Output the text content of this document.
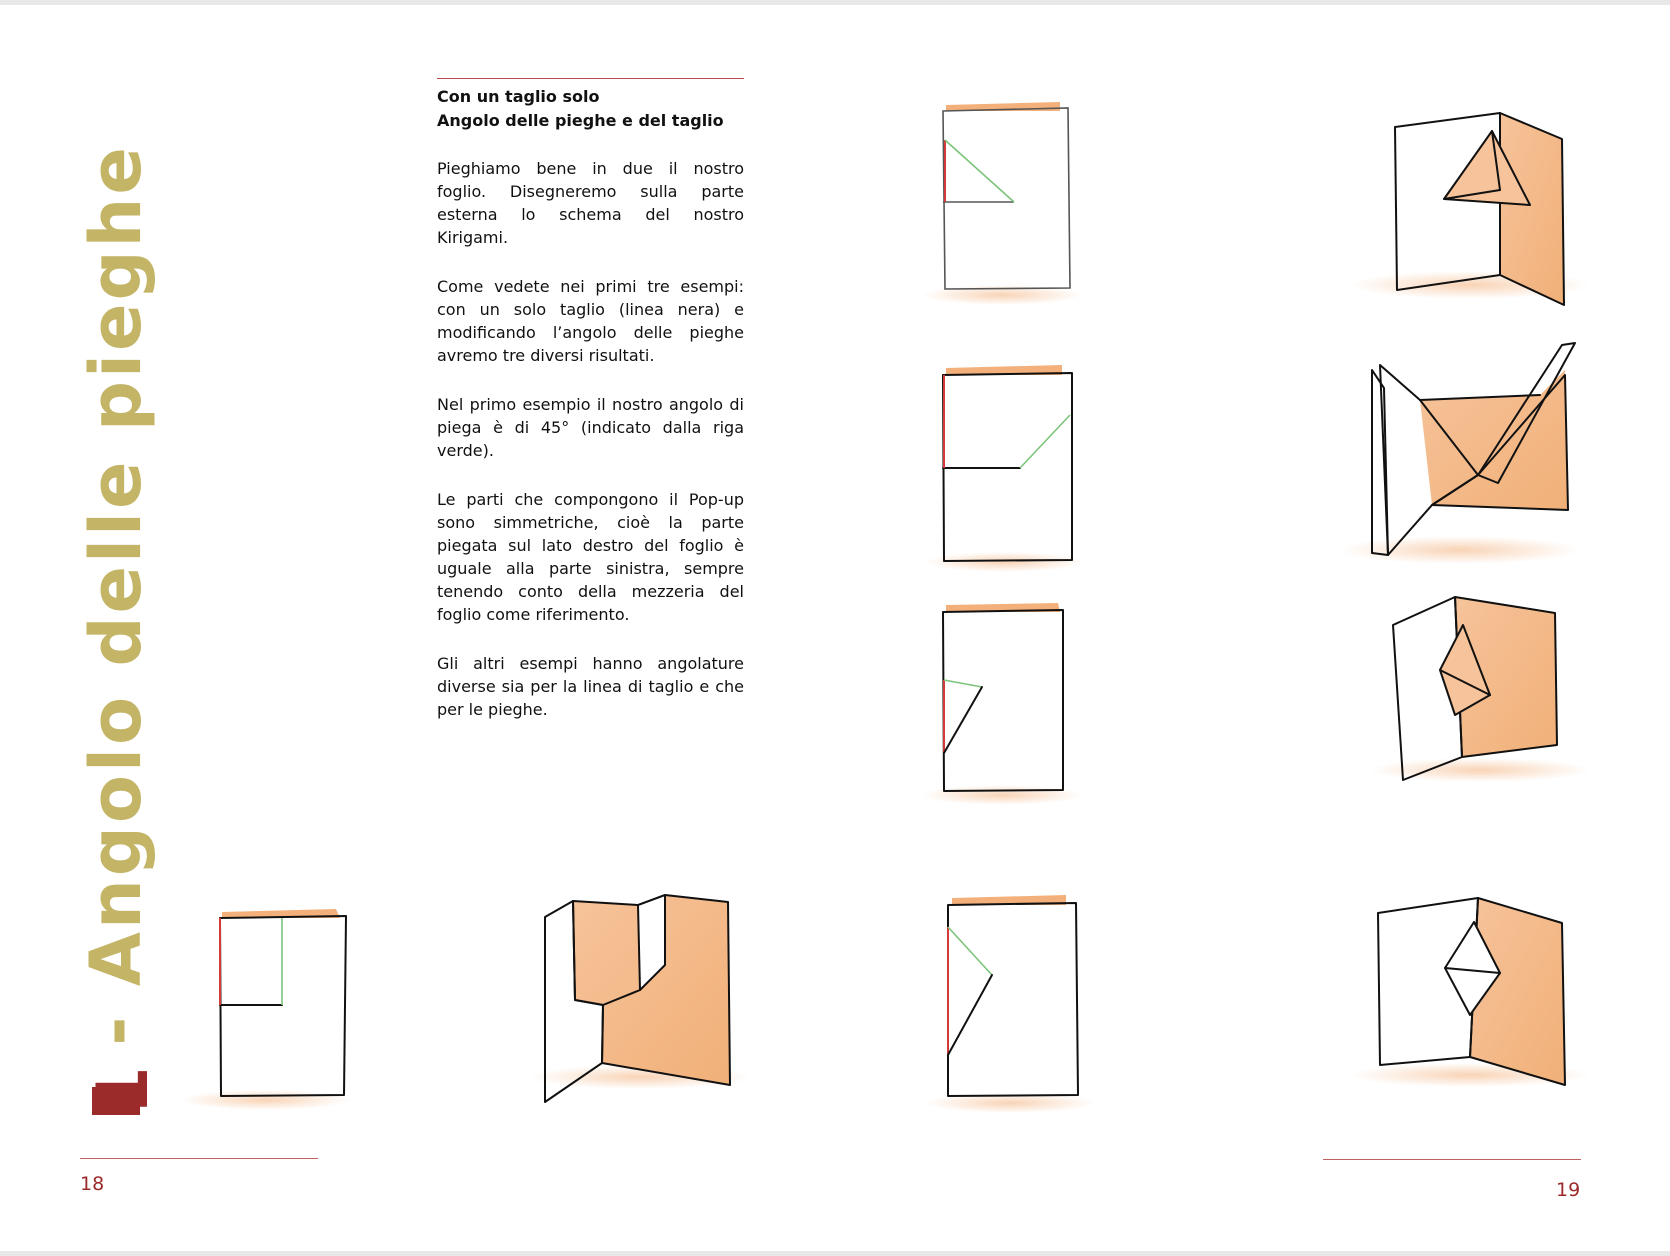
1 - Angolo delle pieghe
Con un taglio solo
Angolo delle pieghe e del taglio

Pieghiamo bene in due il nostro foglio. Disegneremo sulla parte esterna lo schema del nostro Kirigami.

Come vedete nei primi tre esempi: con un solo taglio (linea nera) e modificando l’angolo delle pieghe avremo tre diversi risultati.

Nel primo esempio il nostro angolo di piega è di 45° (indicato dalla riga verde).

Le parti che compongono il Pop-up sono simmetriche, cioè la parte piegata sul lato destro del foglio è uguale alla parte sinistra, sempre tenendo conto della mezzeria del foglio come riferimento.

Gli altri esempi hanno angolature diverse sia per la linea di taglio e che per le pieghe.

18	19
